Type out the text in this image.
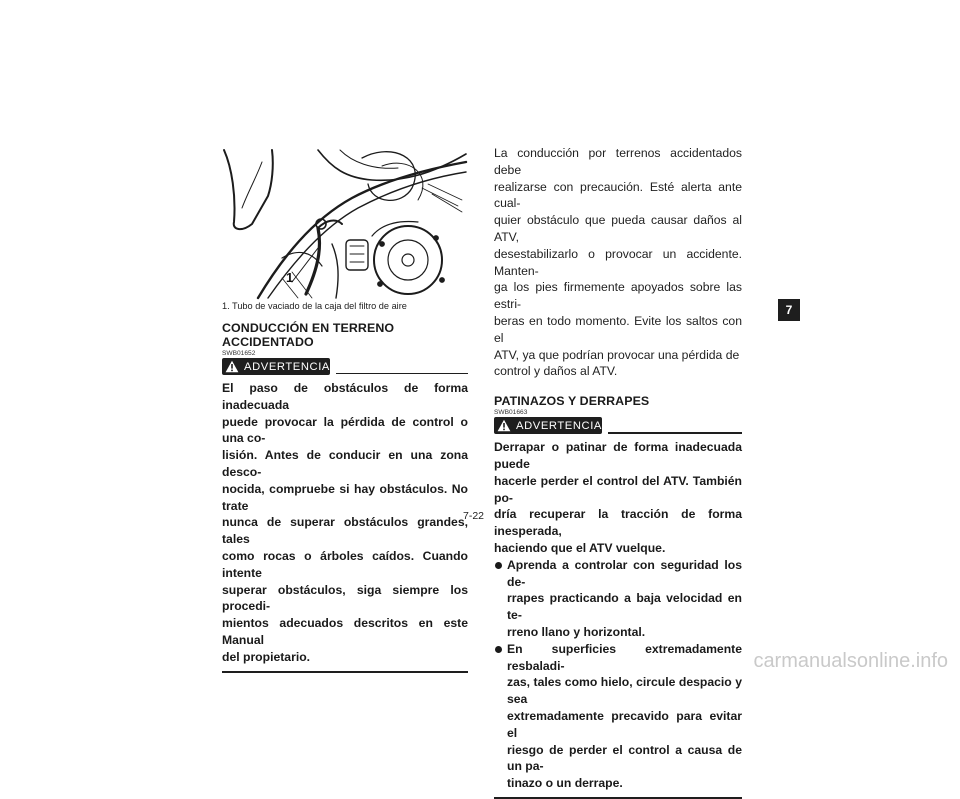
1
1. Tubo de vaciado de la caja del filtro de aire
CONDUCCIÓN EN TERRENO ACCIDENTADO
SWB01652
ADVERTENCIA
El paso de obstáculos de forma inadecuada
puede provocar la pérdida de control o una co-
lisión. Antes de conducir en una zona desco-
nocida, compruebe si hay obstáculos. No trate
nunca de superar obstáculos grandes, tales
como rocas o árboles caídos. Cuando intente
superar obstáculos, siga siempre los procedi-
mientos adecuados descritos en este Manual
del propietario.
La conducción por terrenos accidentados debe
realizarse con precaución. Esté alerta ante cual-
quier obstáculo que pueda causar daños al ATV,
desestabilizarlo o provocar un accidente. Manten-
ga los pies firmemente apoyados sobre las estri-
beras en todo momento. Evite los saltos con el
ATV, ya que podrían provocar una pérdida de
control y daños al ATV.
PATINAZOS Y DERRAPES
SWB01663
ADVERTENCIA
Derrapar o patinar de forma inadecuada puede
hacerle perder el control del ATV. También po-
dría recuperar la tracción de forma inesperada,
haciendo que el ATV vuelque.
Aprenda a controlar con seguridad los de-
rrapes practicando a baja velocidad en te-
rreno llano y horizontal.
En superficies extremadamente resbaladi-
zas, tales como hielo, circule despacio y sea
extremadamente precavido para evitar el
riesgo de perder el control a causa de un pa-
tinazo o un derrape.
7
7-22
carmanualsonline.info
